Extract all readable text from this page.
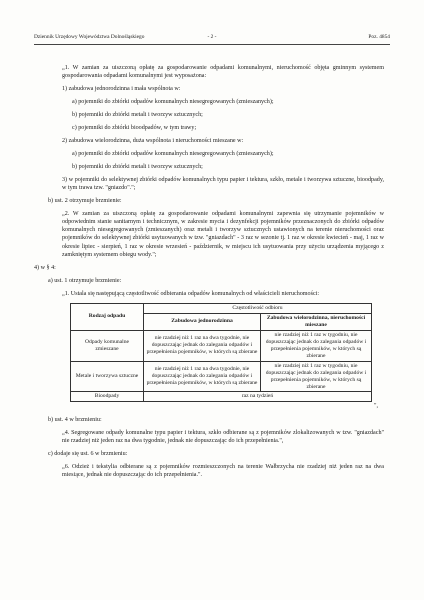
Dziennik Urzędowy Województwa Dolnośląskiego	- 2 -	Poz. 4854

„1. W zamian za uiszczoną opłatę za gospodarowanie odpadami komunalnymi, nieruchomość objęta gminnym systemem gospodarowania odpadami komunalnymi jest wyposażona:

1) zabudowa jednorodzinna i mała wspólnota w:

a) pojemniki do zbiórki odpadów komunalnych niesegregowanych (zmieszanych);

b) pojemniki do zbiórki metali i tworzyw sztucznych;

c) pojemniki do zbiórki bioodpadów, w tym trawy;

2) zabudowa wielorodzinna, duża wspólnota i nieruchomości mieszane w:

a) pojemniki do zbiórki odpadów komunalnych niesegregowanych (zmieszanych);

b) pojemniki do zbiórki metali i tworzyw sztucznych;

3) w pojemniki do selektywnej zbiórki odpadów komunalnych typu papier i tektura, szkło, metale i tworzywa sztuczne, bioodpady, w tym trawa tzw. "gniazdo".";

b) ust. 2 otrzymuje brzmienie:

„2. W zamian za uiszczoną opłatę za gospodarowanie odpadami komunalnymi zapewnia się utrzymanie pojemników w odpowiednim stanie sanitarnym i technicznym, w zakresie mycia i dezynfekcji pojemników przeznaczonych do zbiórki odpadów komunalnych niesegregowanych (zmieszanych) oraz metali i tworzyw sztucznych ustawionych na terenie nieruchomości oraz pojemników do selektywnej zbiórki usytuowanych w tzw. "gniazdach" - 3 raz w sezonie tj. 1 raz w okresie kwiecień - maj, 1 raz w okresie lipiec - sierpień, 1 raz w okresie wrzesień - październik, w miejscu ich usytuowania przy użyciu urządzenia myjącego z zamkniętym systemem obiegu wody.";

4) w § 4:

a) ust. 1 otrzymuje brzmienie:

„1. Ustala się następującą częstotliwość odbierania odpadów komunalnych od właścicieli nieruchomości:

Rodzaj odpadu	Częstotliwość odbioru	
	Zabudowa jednorodzinna	Zabudowa wielorodzinna, nieruchomości mieszane
Odpady komunalne zmieszane	nie rzadziej niż 1 raz na dwa tygodnie, nie dopuszczając jednak do zalegania odpadów i przepełnienia pojemników, w których są zbierane	nie rzadziej niż 1 raz w tygodniu, nie dopuszczając jednak do zalegania odpadów i przepełnienia pojemników, w których są zbierane
Metale i tworzywa sztuczne	nie rzadziej niż 1 raz na dwa tygodnie, nie dopuszczając jednak do zalegania odpadów i przepełnienia pojemników, w których są zbierane	nie rzadziej niż 1 raz w tygodniu, nie dopuszczając jednak do zalegania odpadów i przepełnienia pojemników, w których są zbierane
Bioodpady	raz na tydzień	

",

b) ust. 4 w brzmieniu:

„4. Segregowane odpady komunalne typu papier i tektura, szkło odbierane są z pojemników zlokalizowanych w tzw. "gniazdach" nie rzadziej niż jeden raz na dwa tygodnie, jednak nie dopuszczając do ich przepełnienia.",

c) dodaje się ust. 6 w brzmieniu:

„6. Odzież i tekstylia odbierane są z pojemników rozmieszczonych na terenie Wałbrzycha nie rzadziej niż jeden raz na dwa miesiące, jednak nie dopuszczając do ich przepełnienia.".
